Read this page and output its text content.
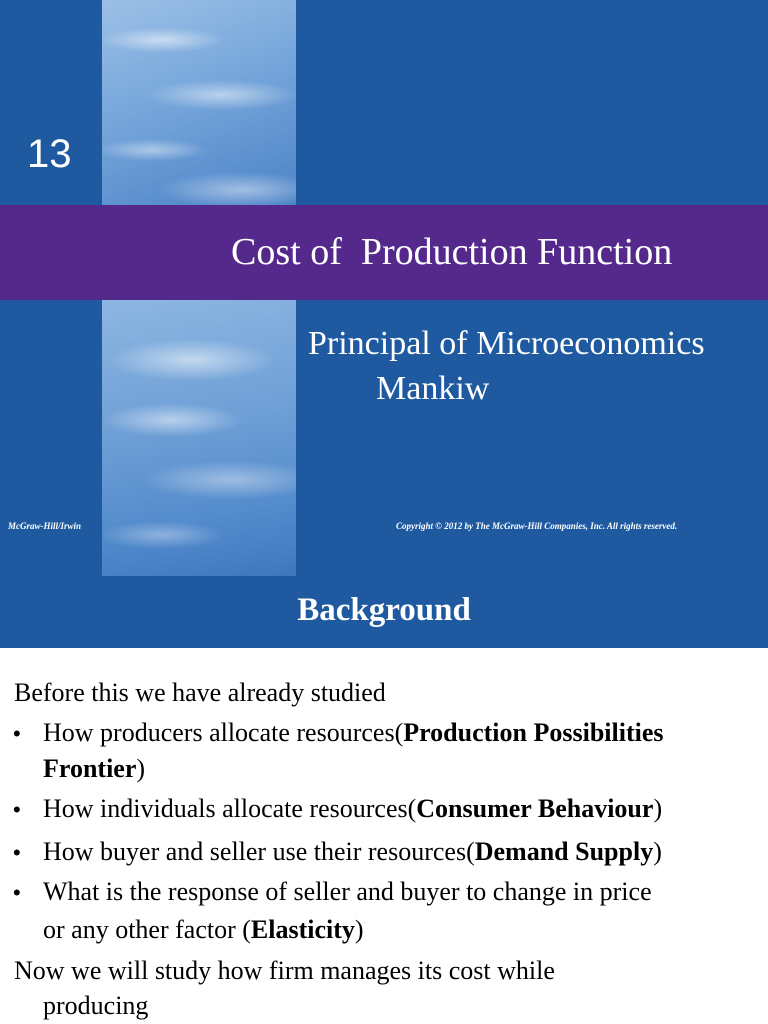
13
Cost of  Production Function
Principal of Microeconomics
Mankiw
McGraw-Hill/Irwin	Copyright © 2012 by The McGraw-Hill Companies, Inc. All rights reserved.
Background
Before this we have already studied
• How producers allocate resources(Production Possibilities
Frontier)
• How individuals allocate resources(Consumer Behaviour)
• How buyer and seller use their resources(Demand Supply)
• What is the response of seller and buyer to change in price
or any other factor (Elasticity)
Now we will study how firm manages its cost while
producing
